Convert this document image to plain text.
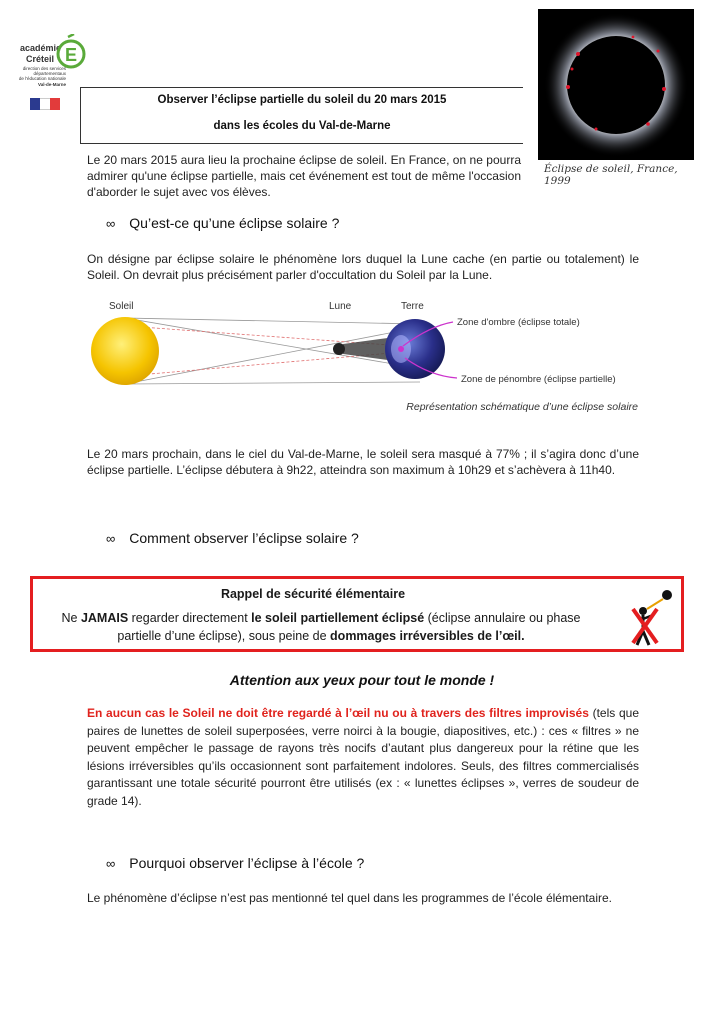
académie
Créteil E
direction des services
départementaux
de l'éducation nationale
Val-de-Marne
Observer l’éclipse partielle du soleil du 20 mars 2015
dans les écoles du Val-de-Marne
Éclipse de soleil, France, 1999
Le 20 mars 2015 aura lieu la prochaine éclipse de soleil. En France, on ne pourra admirer qu'une éclipse partielle, mais cet événement est tout de même l'occasion d'aborder le sujet avec vos élèves.
∞ Qu’est-ce qu’une éclipse solaire ?
On désigne par éclipse solaire le phénomène lors duquel la Lune cache (en partie ou totalement) le Soleil. On devrait plus précisément parler d'occultation du Soleil par la Lune.
Soleil	Lune	Terre
Zone d'ombre (éclipse totale)
Zone de pénombre (éclipse partielle)
Représentation schématique d’une éclipse solaire
Le 20 mars prochain, dans le ciel du Val-de-Marne, le soleil sera masqué à 77% ; il s’agira donc d’une éclipse partielle. L’éclipse débutera à 9h22, atteindra son maximum à 10h29 et s’achèvera à 11h40.
∞ Comment observer l’éclipse solaire ?
Rappel de sécurité élémentaire
Ne JAMAIS regarder directement le soleil partiellement éclipsé (éclipse annulaire ou phase partielle d’une éclipse), sous peine de dommages irréversibles de l’œil.
Attention aux yeux pour tout le monde !
En aucun cas le Soleil ne doit être regardé à l’œil nu ou à travers des filtres improvisés (tels que paires de lunettes de soleil superposées, verre noirci à la bougie, diapositives, etc.) : ces « filtres » ne peuvent empêcher le passage de rayons très nocifs d’autant plus dangereux pour la rétine que les lésions irréversibles qu’ils occasionnent sont parfaitement indolores. Seuls, des filtres commercialisés garantissant une totale sécurité pourront être utilisés (ex : « lunettes éclipses », verres de soudeur de grade 14).
∞ Pourquoi observer l’éclipse à l’école ?
Le phénomène d’éclipse n’est pas mentionné tel quel dans les programmes de l’école élémentaire.
